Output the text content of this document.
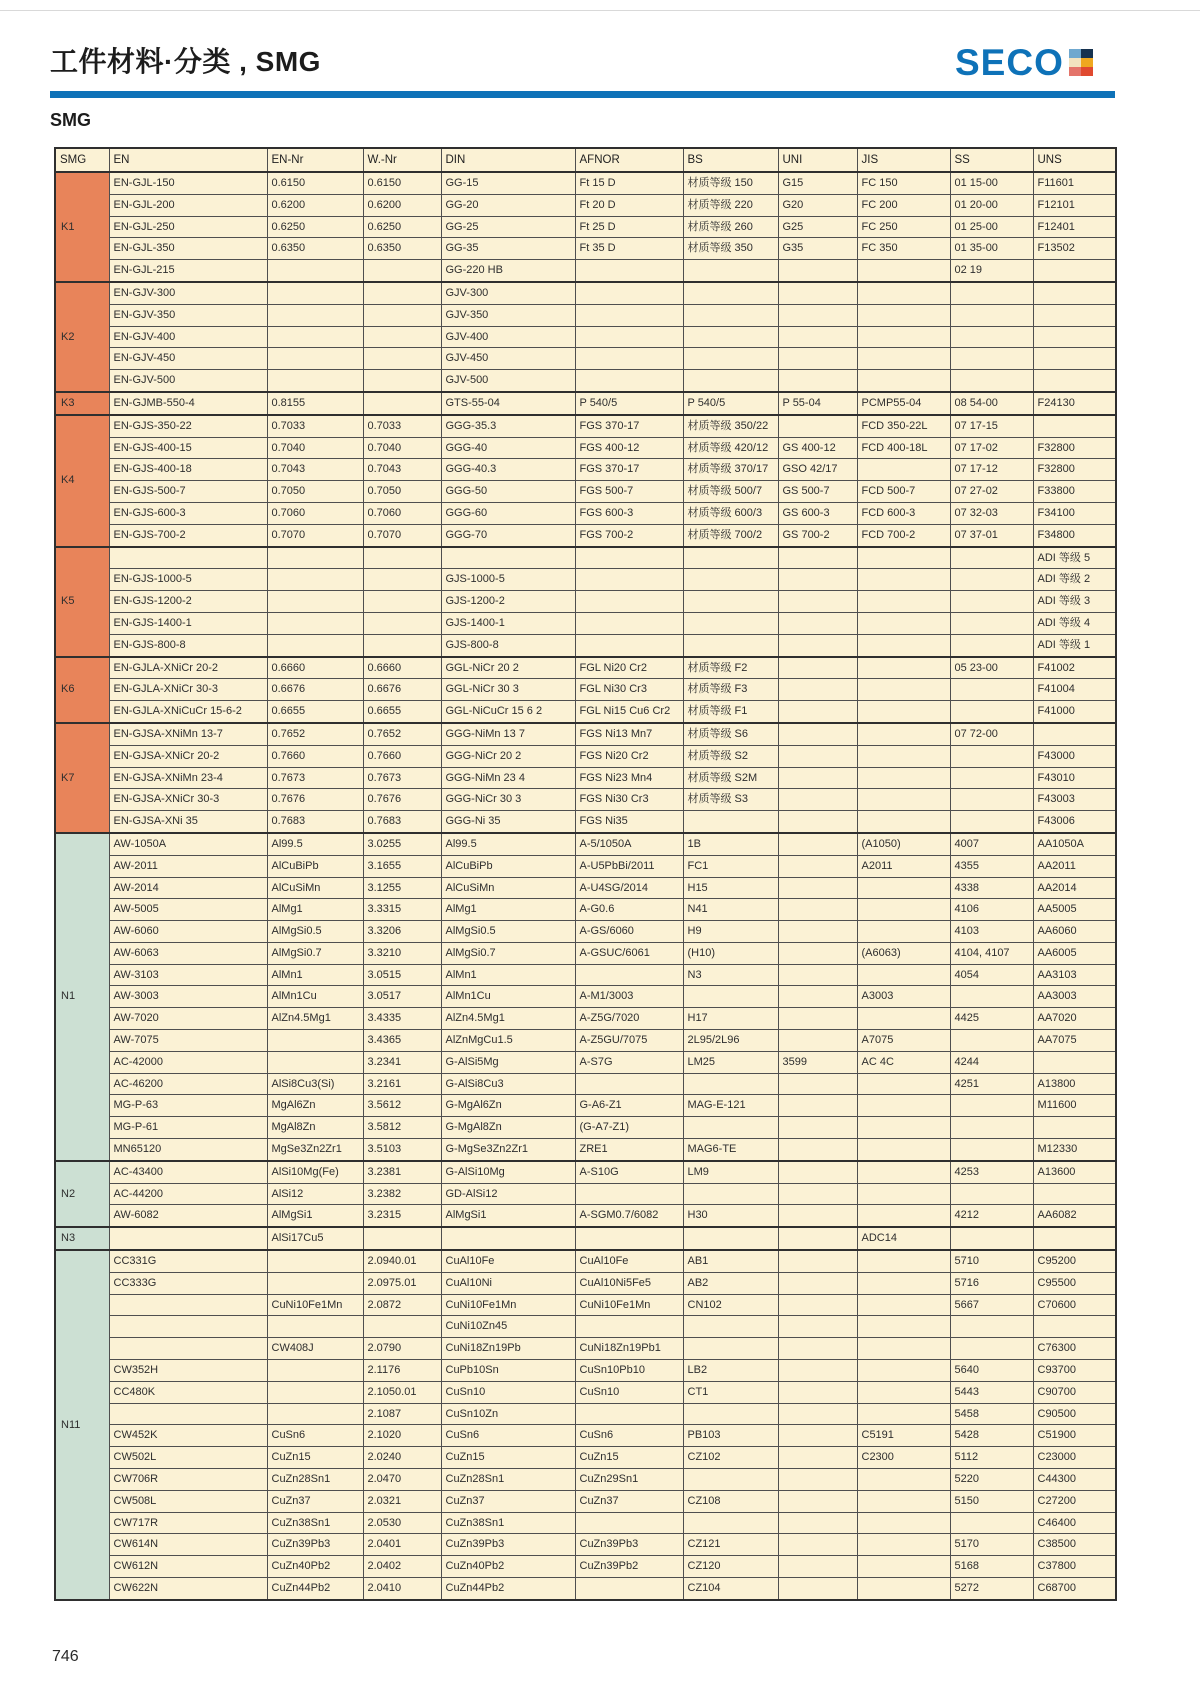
工件材料·分类 , SMG	SECO
SMG
SMG	EN	EN-Nr	W.-Nr	DIN	AFNOR	BS	UNI	JIS	SS	UNS
K1	EN-GJL-150	0.6150	0.6150	GG-15	Ft 15 D	材质等级 150	G15	FC 150	01 15-00	F11601
	EN-GJL-200	0.6200	0.6200	GG-20	Ft 20 D	材质等级 220	G20	FC 200	01 20-00	F12101
	EN-GJL-250	0.6250	0.6250	GG-25	Ft 25 D	材质等级 260	G25	FC 250	01 25-00	F12401
	EN-GJL-350	0.6350	0.6350	GG-35	Ft 35 D	材质等级 350	G35	FC 350	01 35-00	F13502
	EN-GJL-215			GG-220 HB					02 19	
K2	EN-GJV-300			GJV-300						
	EN-GJV-350			GJV-350						
	EN-GJV-400			GJV-400						
	EN-GJV-450			GJV-450						
	EN-GJV-500			GJV-500						
K3	EN-GJMB-550-4	0.8155		GTS-55-04	P 540/5	P 540/5	P 55-04	PCMP55-04	08 54-00	F24130
K4	EN-GJS-350-22	0.7033	0.7033	GGG-35.3	FGS 370-17	材质等级 350/22		FCD 350-22L	07 17-15	
	EN-GJS-400-15	0.7040	0.7040	GGG-40	FGS 400-12	材质等级 420/12	GS 400-12	FCD 400-18L	07 17-02	F32800
	EN-GJS-400-18	0.7043	0.7043	GGG-40.3	FGS 370-17	材质等级 370/17	GSO 42/17		07 17-12	F32800
	EN-GJS-500-7	0.7050	0.7050	GGG-50	FGS 500-7	材质等级 500/7	GS 500-7	FCD 500-7	07 27-02	F33800
	EN-GJS-600-3	0.7060	0.7060	GGG-60	FGS 600-3	材质等级 600/3	GS 600-3	FCD 600-3	07 32-03	F34100
	EN-GJS-700-2	0.7070	0.7070	GGG-70	FGS 700-2	材质等级 700/2	GS 700-2	FCD 700-2	07 37-01	F34800
K5										ADI 等级 5
	EN-GJS-1000-5			GJS-1000-5						ADI 等级 2
	EN-GJS-1200-2			GJS-1200-2						ADI 等级 3
	EN-GJS-1400-1			GJS-1400-1						ADI 等级 4
	EN-GJS-800-8			GJS-800-8						ADI 等级 1
K6	EN-GJLA-XNiCr 20-2	0.6660	0.6660	GGL-NiCr 20 2	FGL Ni20 Cr2	材质等级 F2			05 23-00	F41002
	EN-GJLA-XNiCr 30-3	0.6676	0.6676	GGL-NiCr 30 3	FGL Ni30 Cr3	材质等级 F3				F41004
	EN-GJLA-XNiCuCr 15-6-2	0.6655	0.6655	GGL-NiCuCr 15 6 2	FGL Ni15 Cu6 Cr2	材质等级 F1				F41000
K7	EN-GJSA-XNiMn 13-7	0.7652	0.7652	GGG-NiMn 13 7	FGS Ni13 Mn7	材质等级 S6			07 72-00	
	EN-GJSA-XNiCr 20-2	0.7660	0.7660	GGG-NiCr 20 2	FGS Ni20 Cr2	材质等级 S2				F43000
	EN-GJSA-XNiMn 23-4	0.7673	0.7673	GGG-NiMn 23 4	FGS Ni23 Mn4	材质等级 S2M				F43010
	EN-GJSA-XNiCr 30-3	0.7676	0.7676	GGG-NiCr 30 3	FGS Ni30 Cr3	材质等级 S3				F43003
	EN-GJSA-XNi 35	0.7683	0.7683	GGG-Ni 35	FGS Ni35					F43006
N1	AW-1050A	Al99.5	3.0255	Al99.5	A-5/1050A	1B		(A1050)	4007	AA1050A
	AW-2011	AlCuBiPb	3.1655	AlCuBiPb	A-U5PbBi/2011	FC1		A2011	4355	AA2011
	AW-2014	AlCuSiMn	3.1255	AlCuSiMn	A-U4SG/2014	H15			4338	AA2014
	AW-5005	AlMg1	3.3315	AlMg1	A-G0.6	N41			4106	AA5005
	AW-6060	AlMgSi0.5	3.3206	AlMgSi0.5	A-GS/6060	H9			4103	AA6060
	AW-6063	AlMgSi0.7	3.3210	AlMgSi0.7	A-GSUC/6061	(H10)		(A6063)	4104, 4107	AA6005
	AW-3103	AlMn1	3.0515	AlMn1		N3			4054	AA3103
	AW-3003	AlMn1Cu	3.0517	AlMn1Cu	A-M1/3003			A3003		AA3003
	AW-7020	AlZn4.5Mg1	3.4335	AlZn4.5Mg1	A-Z5G/7020	H17			4425	AA7020
	AW-7075		3.4365	AlZnMgCu1.5	A-Z5GU/7075	2L95/2L96		A7075		AA7075
	AC-42000		3.2341	G-AlSi5Mg	A-S7G	LM25	3599	AC 4C	4244	
	AC-46200	AlSi8Cu3(Si)	3.2161	G-AlSi8Cu3					4251	A13800
	MG-P-63	MgAl6Zn	3.5612	G-MgAl6Zn	G-A6-Z1	MAG-E-121				M11600
	MG-P-61	MgAl8Zn	3.5812	G-MgAl8Zn	(G-A7-Z1)					
	MN65120	MgSe3Zn2Zr1	3.5103	G-MgSe3Zn2Zr1	ZRE1	MAG6-TE				M12330
N2	AC-43400	AlSi10Mg(Fe)	3.2381	G-AlSi10Mg	A-S10G	LM9			4253	A13600
	AC-44200	AlSi12	3.2382	GD-AlSi12						
	AW-6082	AlMgSi1	3.2315	AlMgSi1	A-SGM0.7/6082	H30			4212	AA6082
N3		AlSi17Cu5						ADC14		
N11	CC331G		2.0940.01	CuAl10Fe	CuAl10Fe	AB1			5710	C95200
	CC333G		2.0975.01	CuAl10Ni	CuAl10Ni5Fe5	AB2			5716	C95500
		CuNi10Fe1Mn	2.0872	CuNi10Fe1Mn	CuNi10Fe1Mn	CN102			5667	C70600
				CuNi10Zn45						
		CW408J	2.0790	CuNi18Zn19Pb	CuNi18Zn19Pb1					C76300
	CW352H		2.1176	CuPb10Sn	CuSn10Pb10	LB2			5640	C93700
	CC480K		2.1050.01	CuSn10	CuSn10	CT1			5443	C90700
			2.1087	CuSn10Zn					5458	C90500
	CW452K	CuSn6	2.1020	CuSn6	CuSn6	PB103		C5191	5428	C51900
	CW502L	CuZn15	2.0240	CuZn15	CuZn15	CZ102		C2300	5112	C23000
	CW706R	CuZn28Sn1	2.0470	CuZn28Sn1	CuZn29Sn1				5220	C44300
	CW508L	CuZn37	2.0321	CuZn37	CuZn37	CZ108			5150	C27200
	CW717R	CuZn38Sn1	2.0530	CuZn38Sn1						C46400
	CW614N	CuZn39Pb3	2.0401	CuZn39Pb3	CuZn39Pb3	CZ121			5170	C38500
	CW612N	CuZn40Pb2	2.0402	CuZn40Pb2	CuZn39Pb2	CZ120			5168	C37800
	CW622N	CuZn44Pb2	2.0410	CuZn44Pb2		CZ104			5272	C68700
746
